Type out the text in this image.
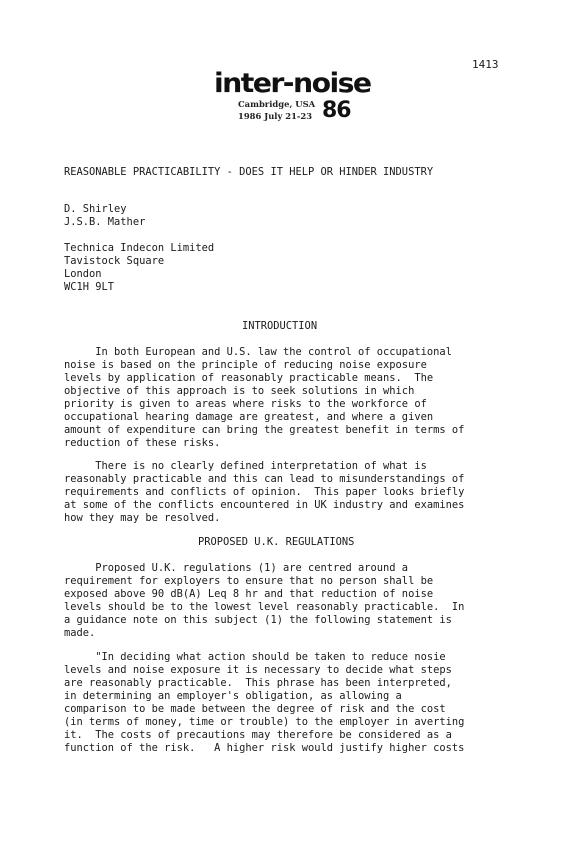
1413
inter-noise
Cambridge, USA
1986 July 21-23 86
REASONABLE PRACTICABILITY - DOES IT HELP OR HINDER INDUSTRY
D. Shirley
J.S.B. Mather
Technica Indecon Limited
Tavistock Square
London
WC1H 9LT
INTRODUCTION
In both European and U.S. law the control of occupational
noise is based on the principle of reducing noise exposure
levels by application of reasonably practicable means.  The
objective of this approach is to seek solutions in which
priority is given to areas where risks to the workforce of
occupational hearing damage are greatest, and where a given
amount of expenditure can bring the greatest benefit in terms of
reduction of these risks.
There is no clearly defined interpretation of what is
reasonably practicable and this can lead to misunderstandings of
requirements and conflicts of opinion.  This paper looks briefly
at some of the conflicts encountered in UK industry and examines
how they may be resolved.
PROPOSED U.K. REGULATIONS
Proposed U.K. regulations (1) are centred around a
requirement for exployers to ensure that no person shall be
exposed above 90 dB(A) Leq 8 hr and that reduction of noise
levels should be to the lowest level reasonably practicable.  In
a guidance note on this subject (1) the following statement is
made.
"In deciding what action should be taken to reduce nosie
levels and noise exposure it is necessary to decide what steps
are reasonably practicable.  This phrase has been interpreted,
in determining an employer's obligation, as allowing a
comparison to be made between the degree of risk and the cost
(in terms of money, time or trouble) to the employer in averting
it.  The costs of precautions may therefore be considered as a
function of the risk.   A higher risk would justify higher costs
